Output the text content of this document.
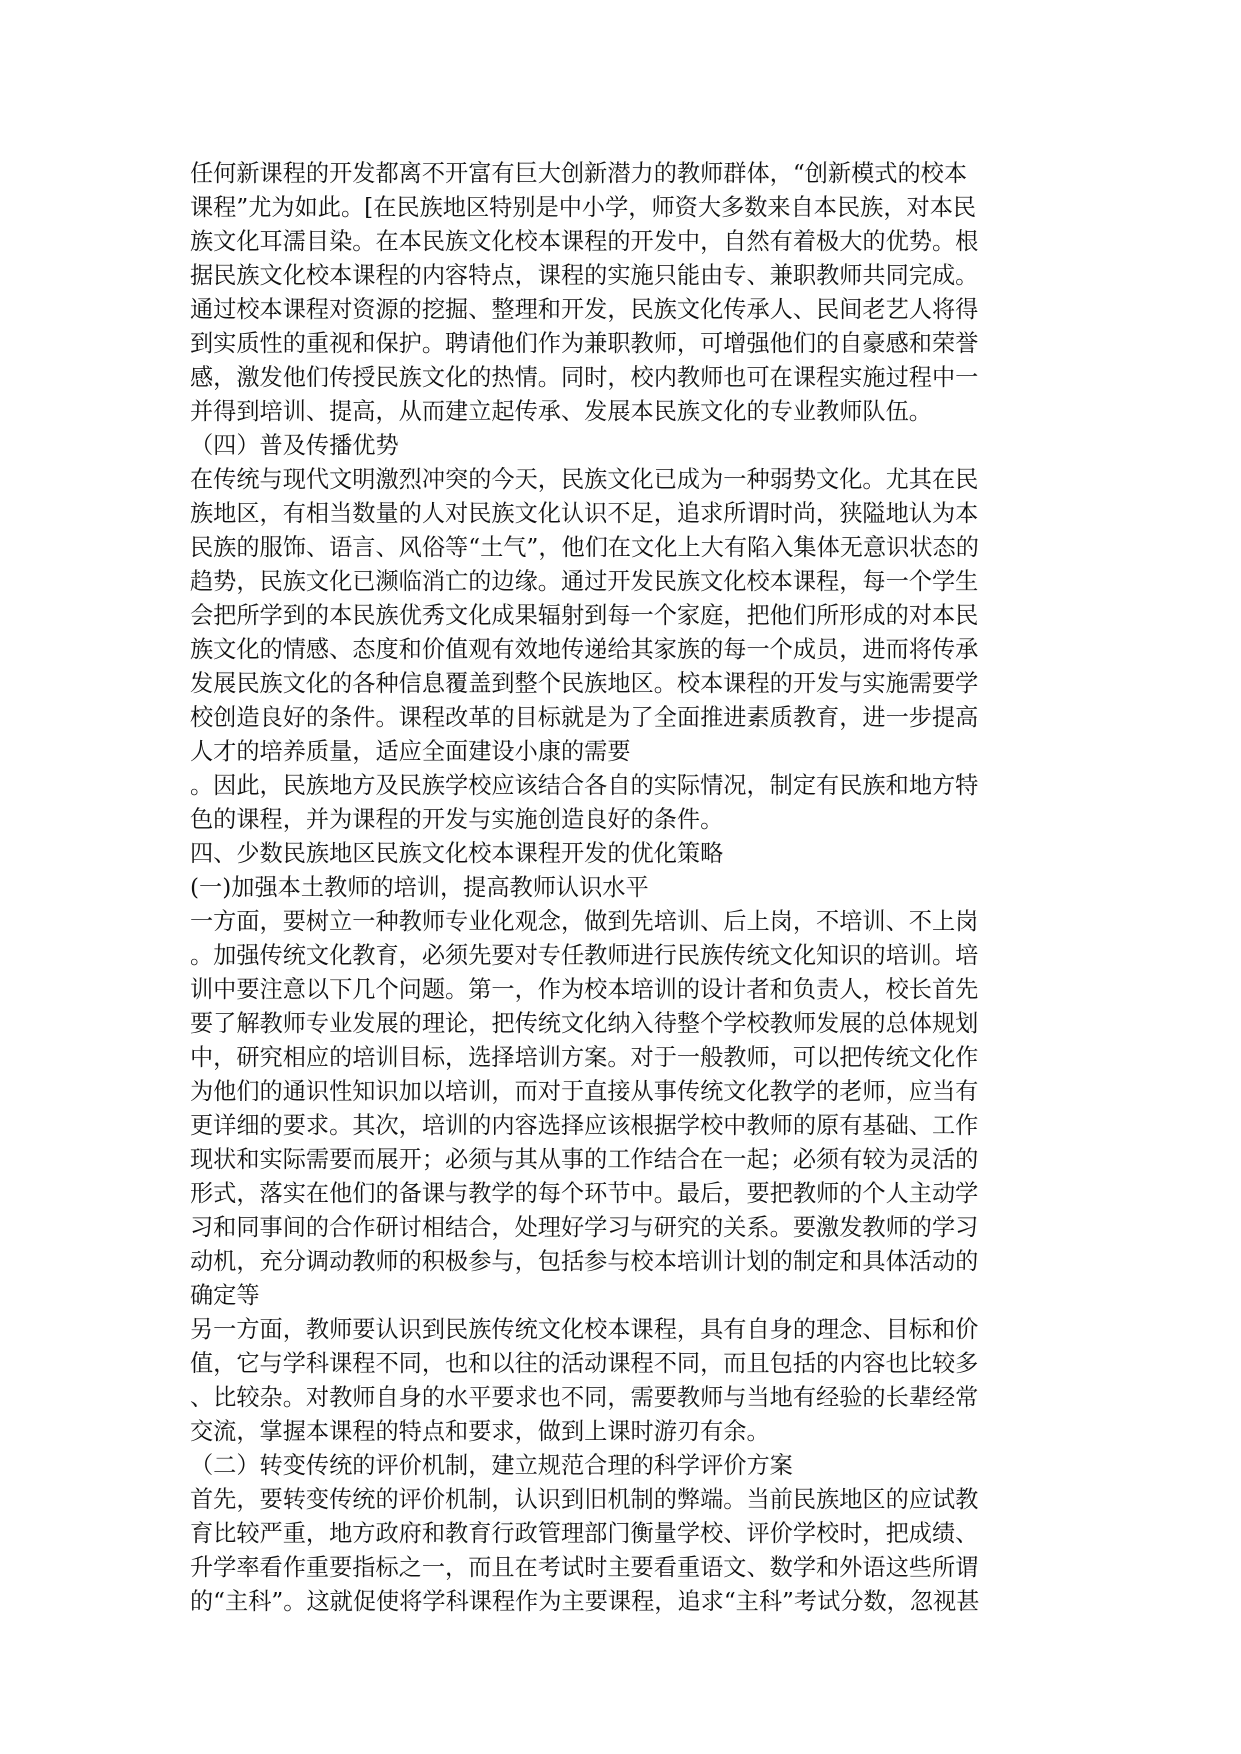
任何新课程的开发都离不开富有巨大创新潜力的教师群体，“创新模式的校本
课程”尤为如此。[在民族地区特别是中小学，师资大多数来自本民族，对本民
族文化耳濡目染。在本民族文化校本课程的开发中，自然有着极大的优势。根
据民族文化校本课程的内容特点，课程的实施只能由专、兼职教师共同完成。
通过校本课程对资源的挖掘、整理和开发，民族文化传承人、民间老艺人将得
到实质性的重视和保护。聘请他们作为兼职教师，可增强他们的自豪感和荣誉
感，激发他们传授民族文化的热情。同时，校内教师也可在课程实施过程中一
并得到培训、提高，从而建立起传承、发展本民族文化的专业教师队伍。
（四）普及传播优势
在传统与现代文明激烈冲突的今天，民族文化已成为一种弱势文化。尤其在民
族地区，有相当数量的人对民族文化认识不足，追求所谓时尚，狭隘地认为本
民族的服饰、语言、风俗等“土气”，他们在文化上大有陷入集体无意识状态的
趋势，民族文化已濒临消亡的边缘。通过开发民族文化校本课程，每一个学生
会把所学到的本民族优秀文化成果辐射到每一个家庭，把他们所形成的对本民
族文化的情感、态度和价值观有效地传递给其家族的每一个成员，进而将传承
发展民族文化的各种信息覆盖到整个民族地区。校本课程的开发与实施需要学
校创造良好的条件。课程改革的目标就是为了全面推进素质教育，进一步提高
人才的培养质量，适应全面建设小康的需要
。因此，民族地方及民族学校应该结合各自的实际情况，制定有民族和地方特
色的课程，并为课程的开发与实施创造良好的条件。
四、少数民族地区民族文化校本课程开发的优化策略
(一)加强本土教师的培训，提高教师认识水平
一方面，要树立一种教师专业化观念，做到先培训、后上岗，不培训、不上岗
。加强传统文化教育，必须先要对专任教师进行民族传统文化知识的培训。培
训中要注意以下几个问题。第一，作为校本培训的设计者和负责人，校长首先
要了解教师专业发展的理论，把传统文化纳入待整个学校教师发展的总体规划
中，研究相应的培训目标，选择培训方案。对于一般教师，可以把传统文化作
为他们的通识性知识加以培训，而对于直接从事传统文化教学的老师，应当有
更详细的要求。其次，培训的内容选择应该根据学校中教师的原有基础、工作
现状和实际需要而展开；必须与其从事的工作结合在一起；必须有较为灵活的
形式，落实在他们的备课与教学的每个环节中。最后，要把教师的个人主动学
习和同事间的合作研讨相结合，处理好学习与研究的关系。要激发教师的学习
动机，充分调动教师的积极参与，包括参与校本培训计划的制定和具体活动的
确定等
另一方面，教师要认识到民族传统文化校本课程，具有自身的理念、目标和价
值，它与学科课程不同，也和以往的活动课程不同，而且包括的内容也比较多
、比较杂。对教师自身的水平要求也不同，需要教师与当地有经验的长辈经常
交流，掌握本课程的特点和要求，做到上课时游刃有余。
（二）转变传统的评价机制，建立规范合理的科学评价方案
首先，要转变传统的评价机制，认识到旧机制的弊端。当前民族地区的应试教
育比较严重，地方政府和教育行政管理部门衡量学校、评价学校时，把成绩、
升学率看作重要指标之一，而且在考试时主要看重语文、数学和外语这些所谓
的“主科”。这就促使将学科课程作为主要课程，追求“主科”考试分数，忽视甚
